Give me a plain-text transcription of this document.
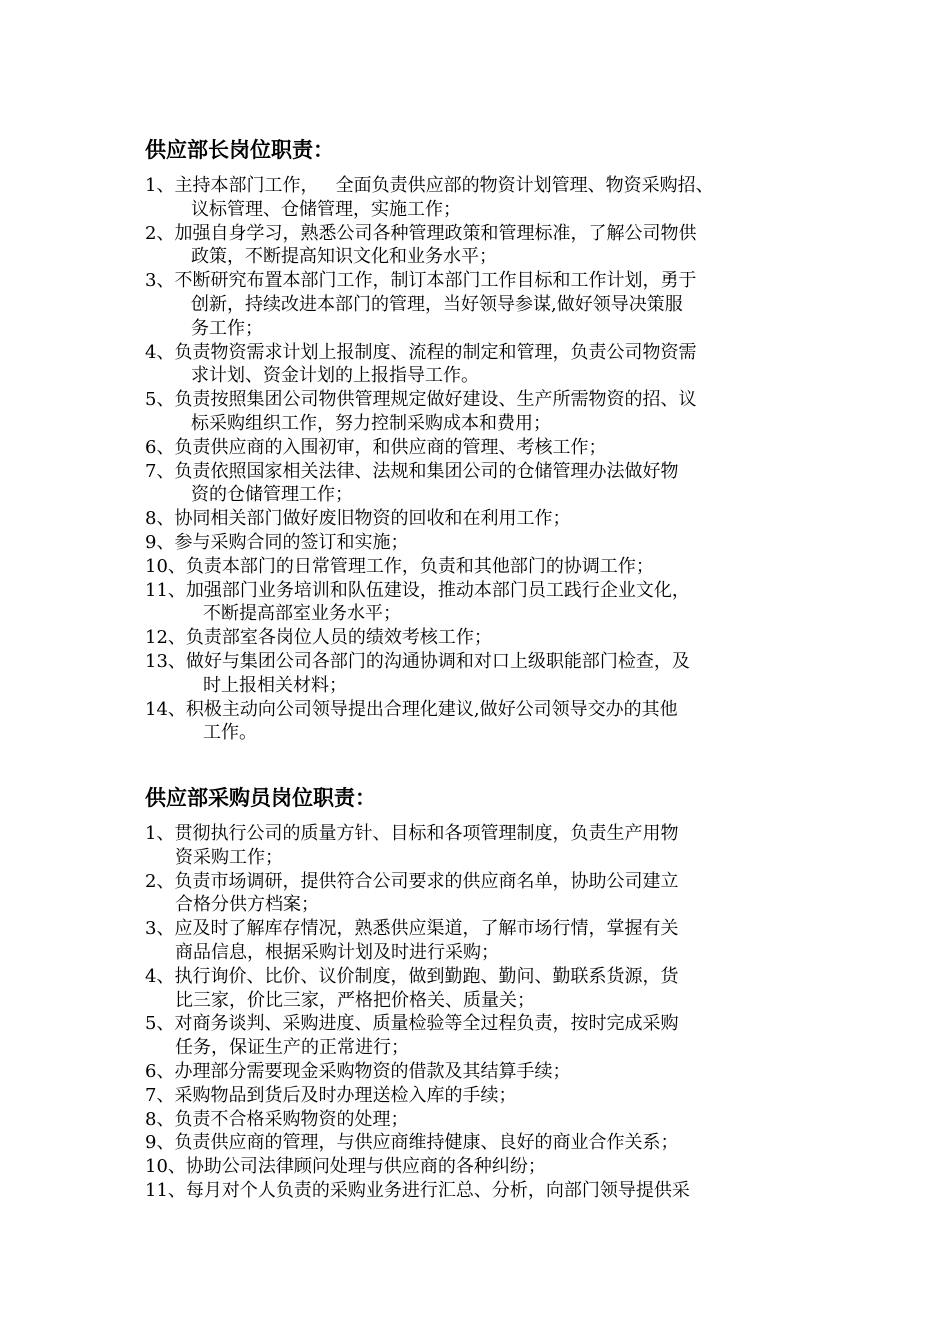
供应部长岗位职责：
1、主持本部门工作，   全面负责供应部的物资计划管理、物资采购招、
议标管理、仓储管理，实施工作；
2、加强自身学习，熟悉公司各种管理政策和管理标准，了解公司物供
政策，不断提高知识文化和业务水平；
3、不断研究布置本部门工作，制订本部门工作目标和工作计划，勇于
创新，持续改进本部门的管理，当好领导参谋,做好领导决策服
务工作；
4、负责物资需求计划上报制度、流程的制定和管理，负责公司物资需
求计划、资金计划的上报指导工作。
5、负责按照集团公司物供管理规定做好建设、生产所需物资的招、议
标采购组织工作，努力控制采购成本和费用；
6、负责供应商的入围初审，和供应商的管理、考核工作；
7、负责依照国家相关法律、法规和集团公司的仓储管理办法做好物
资的仓储管理工作；
8、协同相关部门做好废旧物资的回收和在利用工作；
9、参与采购合同的签订和实施；
10、负责本部门的日常管理工作，负责和其他部门的协调工作；
11、加强部门业务培训和队伍建设，推动本部门员工践行企业文化，
不断提高部室业务水平；
12、负责部室各岗位人员的绩效考核工作；
13、做好与集团公司各部门的沟通协调和对口上级职能部门检查，及
时上报相关材料；
14、积极主动向公司领导提出合理化建议,做好公司领导交办的其他
工作。
供应部采购员岗位职责：
1、贯彻执行公司的质量方针、目标和各项管理制度，负责生产用物
资采购工作；
2、负责市场调研，提供符合公司要求的供应商名单，协助公司建立
合格分供方档案；
3、应及时了解库存情况，熟悉供应渠道，了解市场行情，掌握有关
商品信息，根据采购计划及时进行采购；
4、执行询价、比价、议价制度，做到勤跑、勤问、勤联系货源，货
比三家，价比三家，严格把价格关、质量关；
5、对商务谈判、采购进度、质量检验等全过程负责，按时完成采购
任务，保证生产的正常进行；
6、办理部分需要现金采购物资的借款及其结算手续；
7、采购物品到货后及时办理送检入库的手续；
8、负责不合格采购物资的处理；
9、负责供应商的管理，与供应商维持健康、良好的商业合作关系；
10、协助公司法律顾问处理与供应商的各种纠纷；
11、每月对个人负责的采购业务进行汇总、分析，向部门领导提供采
